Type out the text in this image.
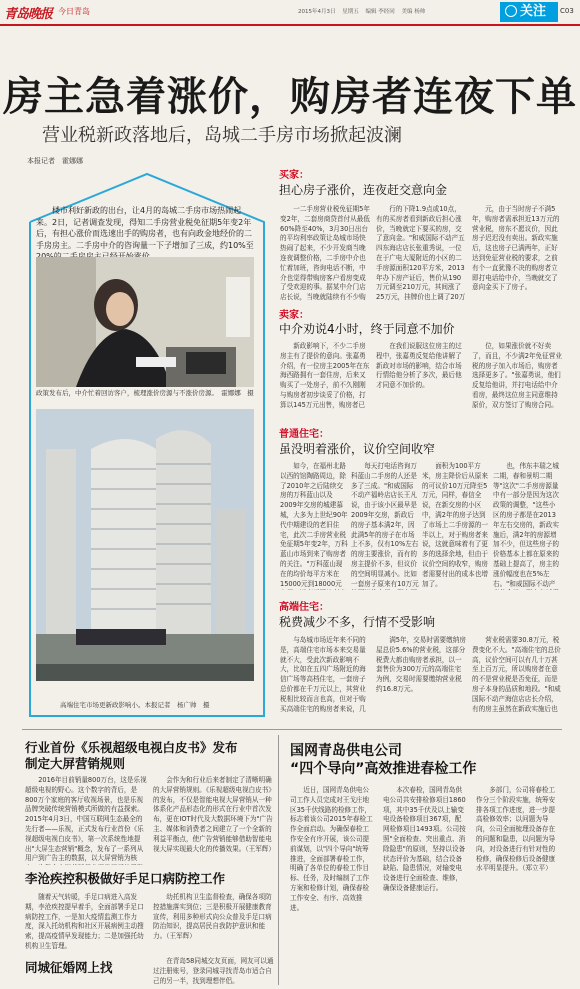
青岛晚报 今日青岛	2015年4月3日 星期五 编辑 李经同 美编 杨帅	关注	C03
房主急着涨价，购房者连夜下单
营业税新政落地后，岛城二手房市场掀起波澜
本报记者　霍娜娜
楼市利好新政的出台，让4月的岛城二手房市场热闹起来。2日，记者调查发现，得知二手房营业税免征期5年变2年后，有担心涨价而选速出手的购房者，也有向政金地经价的二手房房主。二手房中介的咨询量一下子增加了三成，约10%至
政策发布后，中介忙着回访客户，梳理涨价房源与不涨价房源。　霍娜娜　摄
高端住宅市场更新政影响小。本报记者　杨广帅　摄
买家：
担心房子涨价，连夜赶交意向金
一二手房营业税免征期5年变2年，二套房商贷首付从最低60%降至40%，3月30日出台的平均利率政策让岛城市场快热闹了起来，不少开发商当晚连夜调整价格，二手房中介也忙着加班，咨询电话不断，中介也觉得带购房客户看房变成了受欢迎的事。据某中介门店店长说，当晚就陆续有不少购
行的下降1.9点或10点，有的买房者看到新政后担心涨价，当晚就定下要买的房，交了意向金。"和威国际不动产五四东海店店长张重秀说，一位在于广电大厦附近的小区的二手房源面积120平方米，2013年办下房产证后，售价从190万元调至210万元，其间涨了25万元，挂牌价也上调了20万
元，由于当时房子不满5年，购房者需承担近13万元的营业税，房东不愿议价，因此房子迟迟没有卖出。新政实施后，这也房子已满两年，正好达到免征营业税的要求，之前有个一直犹豫不决的购房者立即打电话给中介，当晚就交了意向金买下了房子。
卖家：
中介劝说4小时，终于同意不加价
新政影响下，不少二手房房主有了提价的意向。张嘉勇介绍，有一位房主2005年在东海西路拥有一套住房，后来又购买了一处房子，前不久刚刚与购房者初步谈妥了价格，打算以145万元出售，购房者已
在我们说服这位房主的过程中，张嘉勇反复给他讲解了新政对市场的影响，结合市场行情给他分析了多次，最后他才同意不加价的。
位，如果涨价就不好卖了，而且，不少满2年免征营业税的房子加入市场后，购房者选择更多了。"张嘉勇说，他们反复给他讲，并打电话给中介看房，最终这位房主同意维持原价，双方签订了购房合同。
普通住宅：
虽没明着涨价，议价空间收窄
如今，在福州北路以西的馆陶路周边，除了2010年之后陆续交房的万科蓝山以及2009年交房的城建慕城，大多为上世纪90年代中期建设的老旧住宅，此次二手房营业税免征期5年变2年，万科蓝山市场到来了购房者的关注。"万科蓝山现在的均价每平方米在15000元到18000元
每天打电话咨询万科蓝山二手房的人还是多了三成。"和威国际不动产福岭店店长王凡说，由于该小区最早是2009年交房，新政后的房子基本满2年，因此满5年的房子在市场上不多，仅有10%左右的房主要涨价，而有的房主提价不多，但议价的空间明显减小。比如一套房子原来有10万元
面积为100平方米，房主降价后从原来的可议价10万元降至5万元，同样，春信全说，在新交房的小区中，满2年的房子达到了市场上二手房源的一半以上，对于购房者来说，这就意味着有了更多的选择余地，但由于议价空间的收窄，购房者需要付出的成本也增加了。
也，伟东丰瑞之城二期，春和景明二期等"这次"二手房房源量中有一部分是因为这次政策的调整，"这些小区的房子都是在2013年左右交房的，新政实施后，满2年的房源增加不少，但这些房子的价格基本上都在原来的基础上提高了，房主的涨价幅度也在5%左右。"和威国际不动产
高端住宅：
税费减少不多，行情不受影响
与岛城市场近年来不同的是，高端住宅市场本来交易量就不大，受此次新政影响不大，比如在五四广场附近的海信广场等高档住宅，一套房子总价都在千万元以上，其营业税相比较而言也高，但对于购买高端住宅的购房者来说，几
满5年，交易时需要缴纳房屋总价5.6%的营业税，这部分税费大都由购房者承担，以一套售价为300万元的高端住宅为例，交易时需要缴纳营业税约16.8万元。
营业税需要30.8万元，税费变化不大。"高端住宅的总价高，议价空间可以有几十万甚至上百万元，所以购房者在意的不是营业税是否免征，而是房子本身的品质和地段。"和威国际不动产海信店店长介绍，有的房主虽然在新政实施后也
行业首份《乐视超级电视白皮书》发布
制定大屏营销规则
2016年目前销量800万台，这是乐视超级电视的野心。这个数字的背后，是800万个家庭的客厅收视场景，也是乐视品牌突破传统营销模式所做的有益探索。2015年4月3日，中国互联网生态最全的先行者——乐视，正式发布行业首份《乐视超级电视白皮书》，第一次系统性地提出"大屏生态营销"概念，发布了一系列从用户到广告主的数据，以大屏营销为核
会作为和行业后来者制定了清晰明确的大屏营销规则。《乐视超级电视白皮书》的发布，不仅是智能电视大屏营销从一种体系化产品形态化的形式在行业中首次发布，更在IOT时代及大数据环境下为"广告主、媒体和消费者之间建立了一个全新的利益平衡点，使广告营销能够借助智能电视大屏实现最大化的传播效果。（王军辉）
李沧疾控积极做好手足口病防控工作
随着天气转暖，手足口病进入高发期，李沧疾控提早着手，全面部署手足口病防控工作，一是加大疫情监测工作力度，深入托幼机构和社区开展病例主动搜索，提高疫情早发现能力；二是加强托幼机构卫生管理。
幼托机构卫生监督检查，确保各项防控措施落实到位；三是积极开展健康教育宣传，利用多种形式向公众普及手足口病防治知识，提高居民自我防护意识和能力。（王军辉）
同城征婚网上找	在青岛58同城交友页面，网友可以通过注册账号，登录同城寻找青岛市适合自己的另一半，找到理想伴侣。
国网青岛供电公司
“四个导向”高效推进春检工作
近日，国网青岛供电公司工作人员完成对王戈庄地区35千伏线路的检修工作，标志着该公司2015年春检工作全面启动。为确保春检工作安全有序开展，该公司提前谋划，以"四个导向"统筹推进，全面部署春检工作，明确了各单位的春检工作目标、任务，及时编制了工作方案和检修计划，确保春检工作安全、有序、高效推进。
本次春检，国网青岛供电公司共安排检修项目1860项，其中35千伏及以上输变电设备检修项目367项，配网检修项目1493项。公司按照"全面检查、突出重点、消除隐患"的原则，坚持以设备状态评价为基础，结合设备缺陷、隐患情况，对输变电设备进行全面检查、维修，确保设备健康运行。
多部门，公司将春检工作分三个阶段实施，统筹安排各项工作进度，进一步提高检修效率；以问题为导向，公司全面梳理设备存在的问题和隐患，以问题为导向，对设备进行有针对性的检修，确保检修后设备健康水平明显提升。（郑立平）
